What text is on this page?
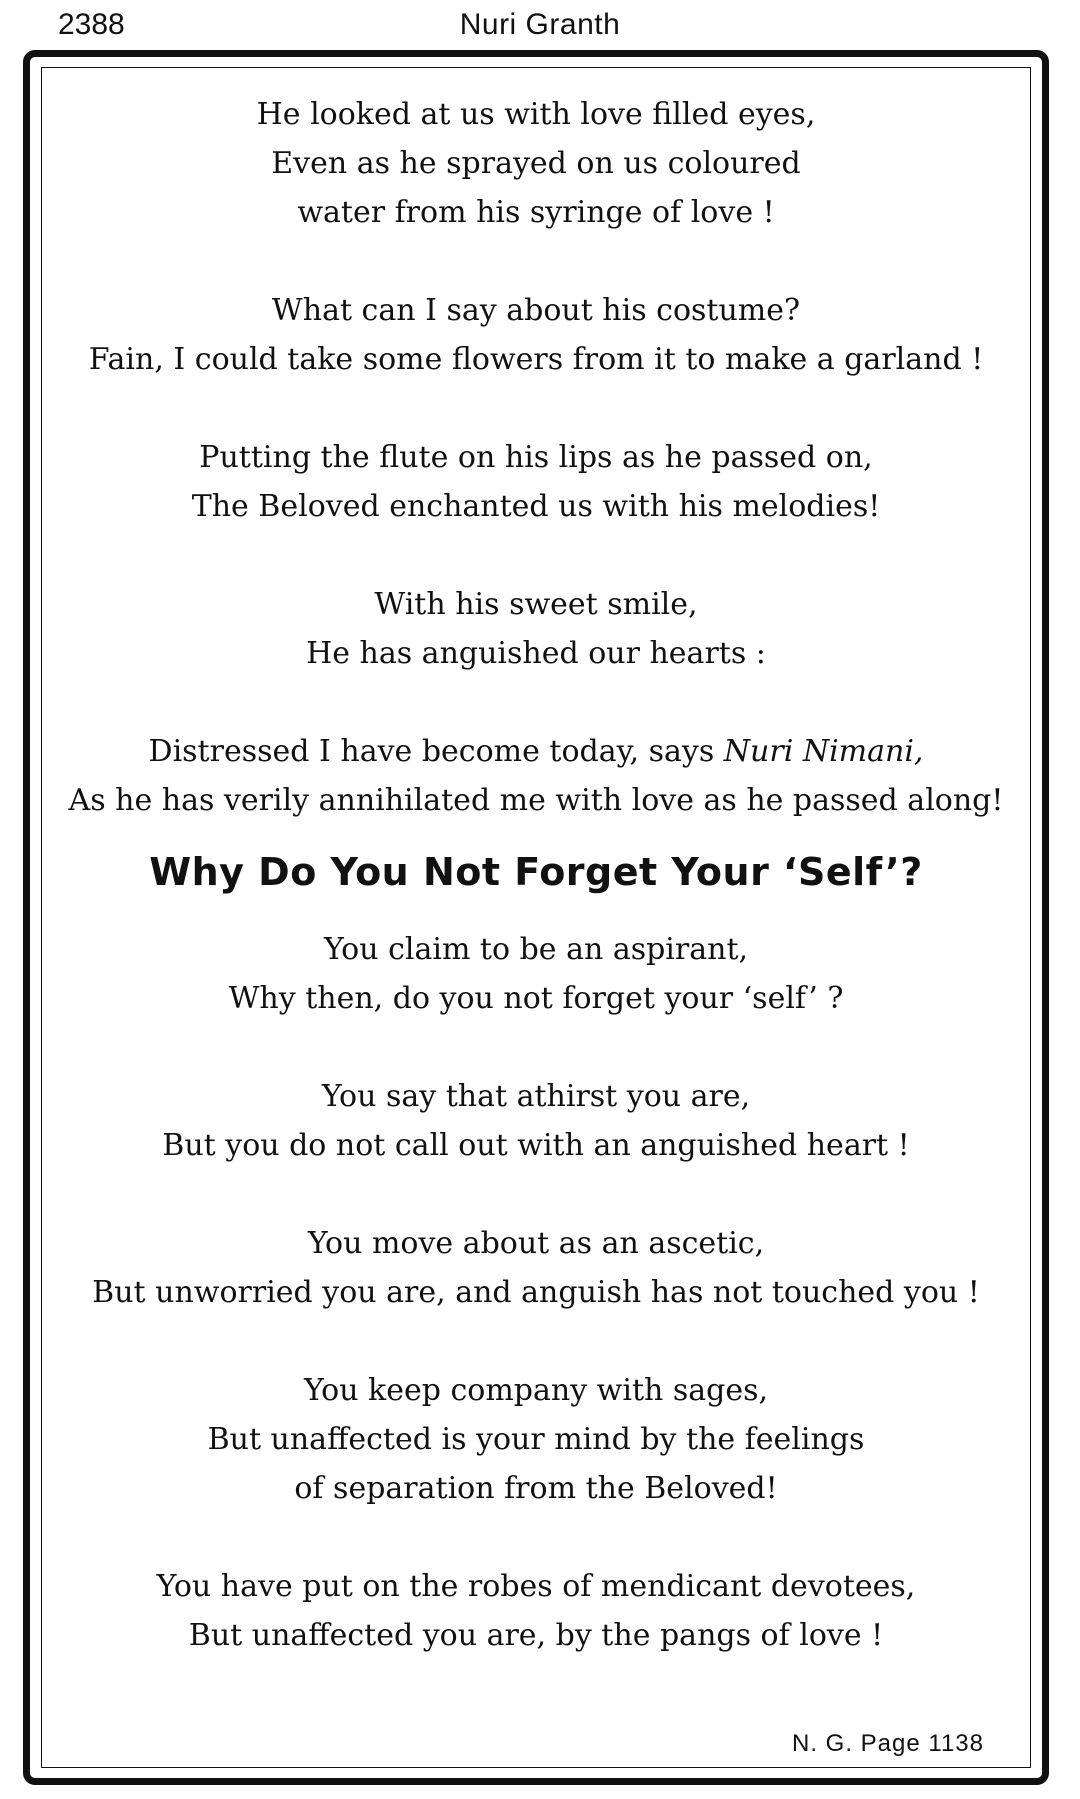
2388	Nuri Granth
He looked at us with love filled eyes,
Even as he sprayed on us coloured
water from his syringe of love !
What can I say about his costume?
Fain, I could take some flowers from it to make a garland !
Putting the flute on his lips as he passed on,
The Beloved enchanted us with his melodies!
With his sweet smile,
He has anguished our hearts :
Distressed I have become today, says Nuri Nimani,
As he has verily annihilated me with love as he passed along!
Why Do You Not Forget Your ‘Self’?
You claim to be an aspirant,
Why then, do you not forget your ‘self’ ?
You say that athirst you are,
But you do not call out with an anguished heart !
You move about as an ascetic,
But unworried you are, and anguish has not touched you !
You keep company with sages,
But unaffected is your mind by the feelings
of separation from the Beloved!
You have put on the robes of mendicant devotees,
But unaffected you are, by the pangs of love !
N. G. Page 1138
